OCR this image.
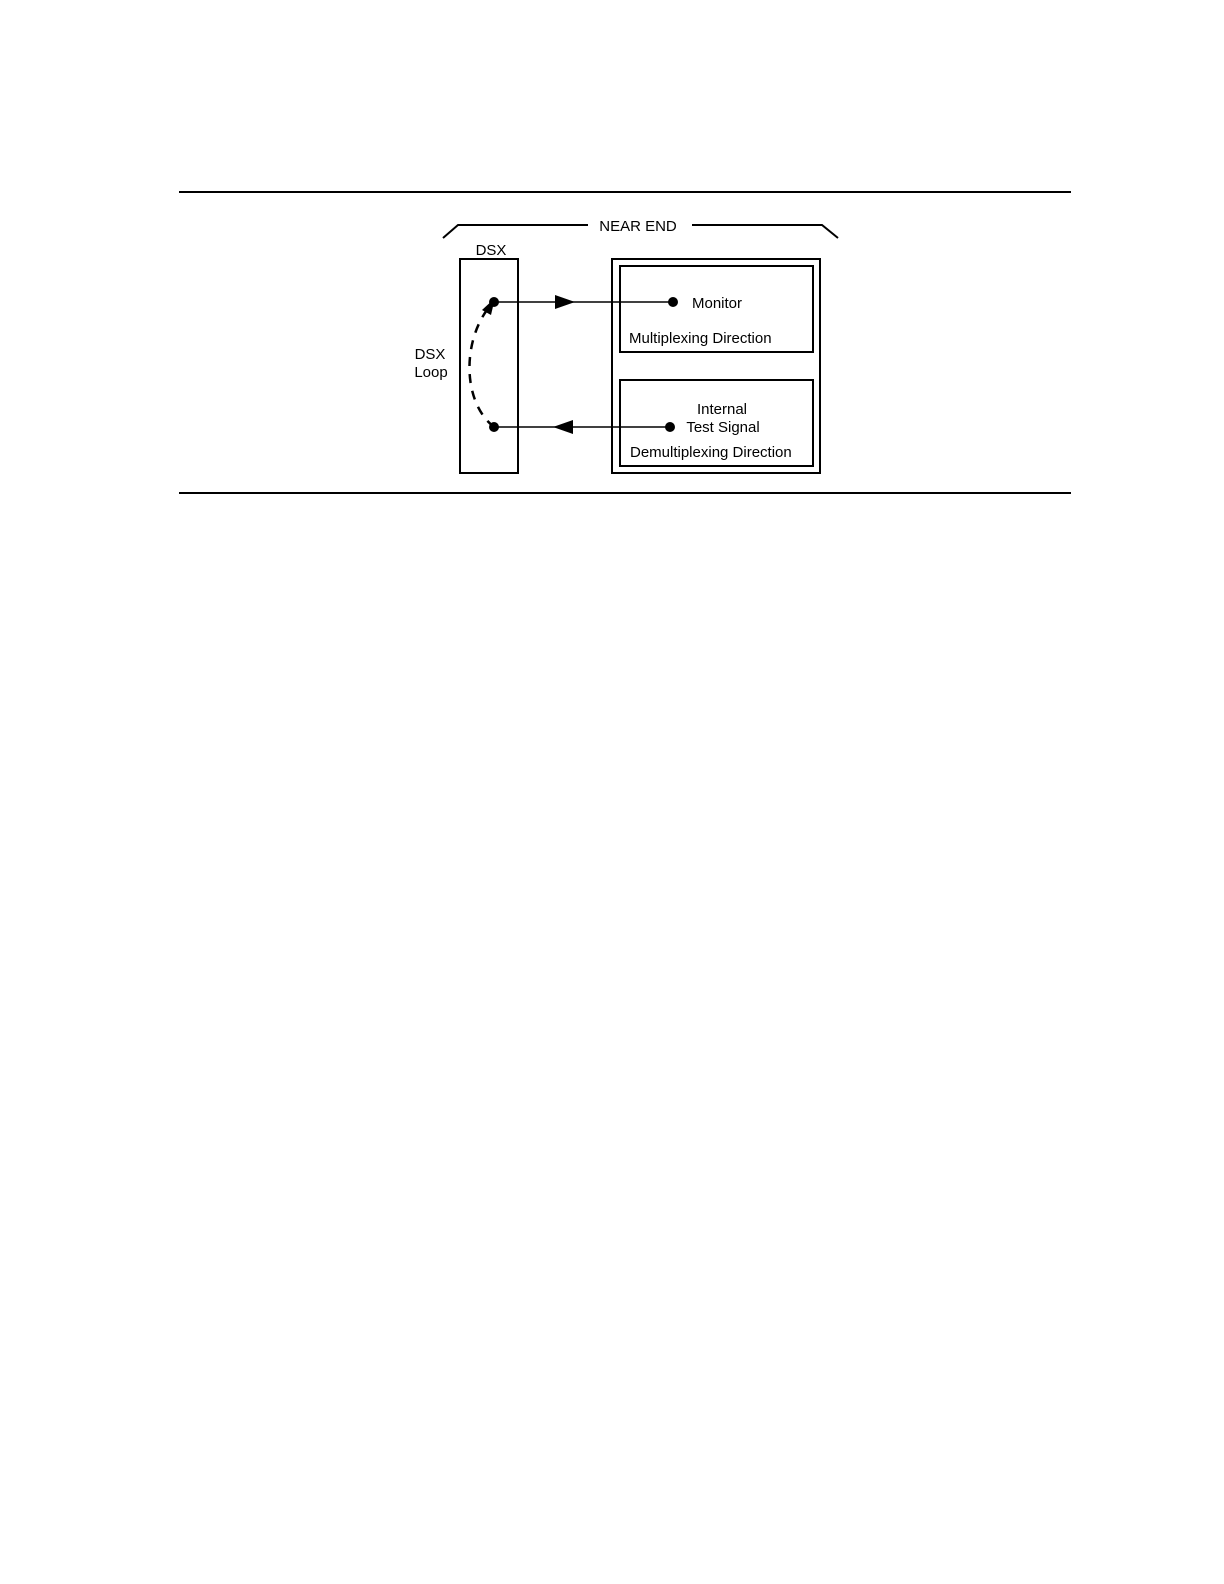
NEAR END
DSX
DSX
Loop
Monitor
Multiplexing Direction
Internal
Test Signal
Demultiplexing Direction
